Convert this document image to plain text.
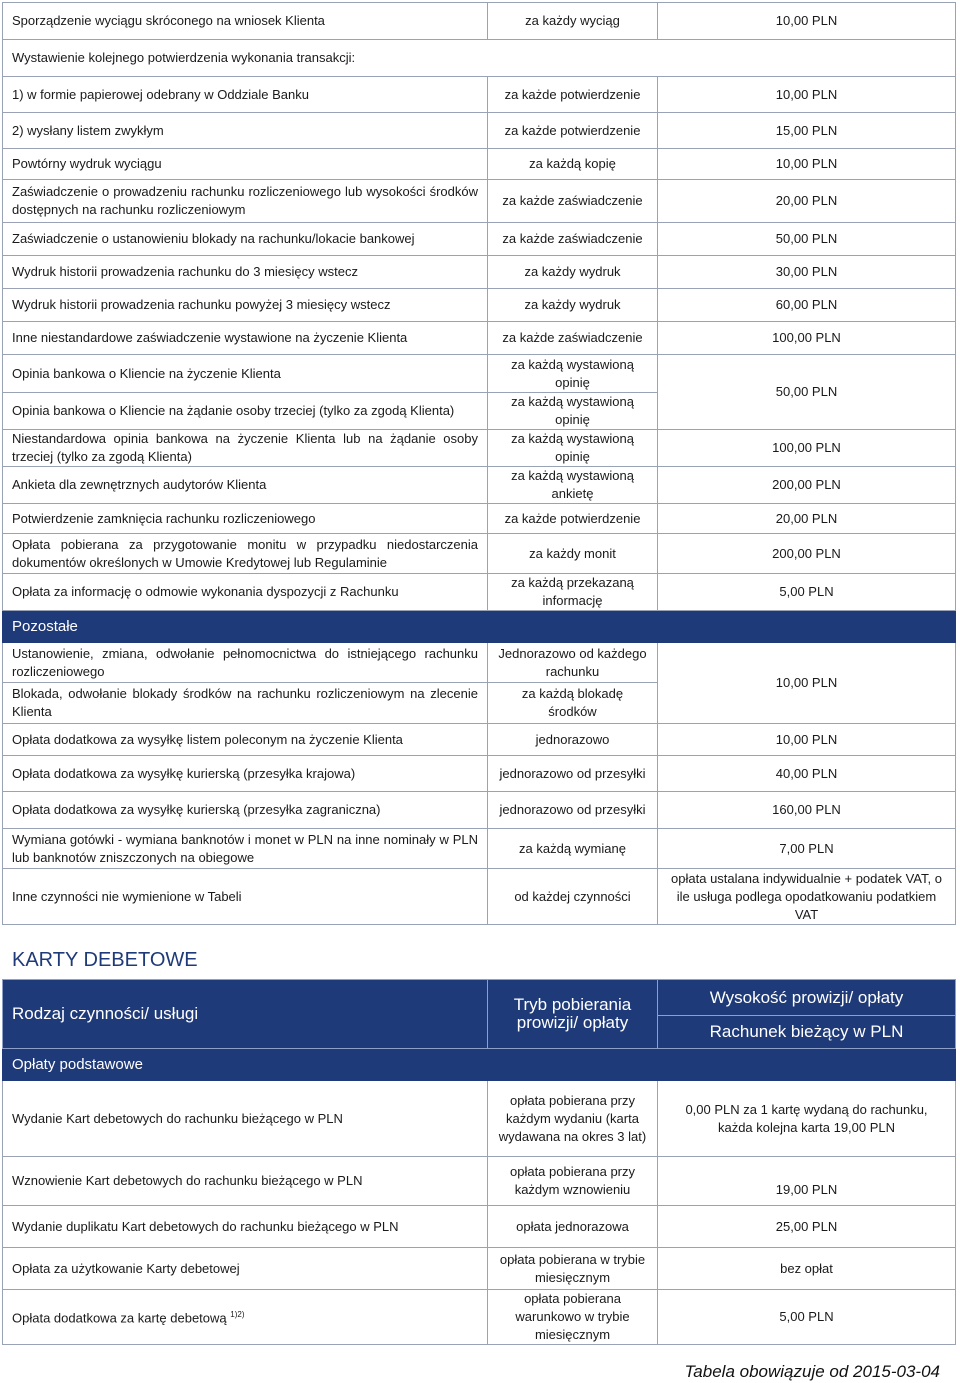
Sporządzenie wyciągu skróconego na wniosek Klienta	za każdy wyciąg	10,00 PLN
Wystawienie kolejnego potwierdzenia wykonania transakcji:		
1) w formie papierowej odebrany w Oddziale Banku	za każde potwierdzenie	10,00 PLN
2) wysłany listem zwykłym	za każde potwierdzenie	15,00 PLN
Powtórny wydruk wyciągu	za każdą kopię	10,00 PLN
Zaświadczenie o prowadzeniu rachunku rozliczeniowego lub wysokości środków dostępnych na rachunku rozliczeniowym	za każde zaświadczenie	20,00 PLN
Zaświadczenie o ustanowieniu blokady na rachunku/lokacie bankowej	za każde zaświadczenie	50,00 PLN
Wydruk historii prowadzenia rachunku do 3 miesięcy wstecz	za każdy wydruk	30,00 PLN
Wydruk historii prowadzenia rachunku powyżej 3 miesięcy wstecz	za każdy wydruk	60,00 PLN
Inne niestandardowe zaświadczenie wystawione na życzenie Klienta	za każde zaświadczenie	100,00 PLN
Opinia bankowa o Kliencie na życzenie Klienta	za każdą wystawioną opinię	50,00 PLN
Opinia bankowa o Kliencie na żądanie osoby trzeciej (tylko za zgodą Klienta)	za każdą wystawioną opinię	
Niestandardowa opinia bankowa na życzenie Klienta lub na żądanie osoby trzeciej (tylko za zgodą Klienta)	za każdą wystawioną opinię	100,00 PLN
Ankieta dla zewnętrznych audytorów Klienta	za każdą wystawioną ankietę	200,00 PLN
Potwierdzenie zamknięcia rachunku rozliczeniowego	za każde potwierdzenie	20,00 PLN
Opłata pobierana za przygotowanie monitu w przypadku niedostarczenia dokumentów określonych w Umowie Kredytowej lub Regulaminie	za każdy monit	200,00 PLN
Opłata za informację o odmowie wykonania dyspozycji z Rachunku	za każdą przekazaną informację	5,00 PLN
Pozostałe		
Ustanowienie, zmiana, odwołanie pełnomocnictwa do istniejącego rachunku rozliczeniowego	Jednorazowo od każdego rachunku	10,00 PLN
Blokada, odwołanie blokady środków na rachunku rozliczeniowym na zlecenie Klienta	za każdą blokadę środków	
Opłata dodatkowa za wysyłkę listem poleconym na życzenie Klienta	jednorazowo	10,00 PLN
Opłata dodatkowa za wysyłkę kurierską (przesyłka krajowa)	jednorazowo od przesyłki	40,00 PLN
Opłata dodatkowa za wysyłkę kurierską (przesyłka zagraniczna)	jednorazowo od przesyłki	160,00 PLN
Wymiana gotówki - wymiana banknotów i monet w PLN na inne nominały w PLN lub banknotów zniszczonych na obiegowe	za każdą wymianę	7,00 PLN
Inne czynności nie wymienione w Tabeli	od każdej czynności	opłata ustalana indywidualnie + podatek VAT, o ile usługa podlega opodatkowaniu podatkiem VAT
KARTY DEBETOWE
Rodzaj czynności/ usługi	Tryb pobierania prowizji/ opłaty	Wysokość prowizji/ opłaty
		Rachunek bieżący w PLN
Opłaty podstawowe		
Wydanie Kart debetowych do rachunku bieżącego w PLN	opłata pobierana przy każdym wydaniu (karta wydawana na okres 3 lat)	0,00 PLN za 1 kartę wydaną do rachunku, każda kolejna karta 19,00 PLN
Wznowienie Kart debetowych do rachunku bieżącego w PLN	opłata pobierana przy każdym wznowieniu	19,00 PLN
Wydanie duplikatu Kart debetowych do rachunku bieżącego w PLN	opłata jednorazowa	25,00 PLN
Opłata za użytkowanie Karty debetowej	opłata pobierana w trybie miesięcznym	bez opłat
Opłata dodatkowa za kartę debetową $^{1)2)}$	opłata pobierana warunkowo w trybie miesięcznym	5,00 PLN
Tabela obowiązuje od 2015-03-04
